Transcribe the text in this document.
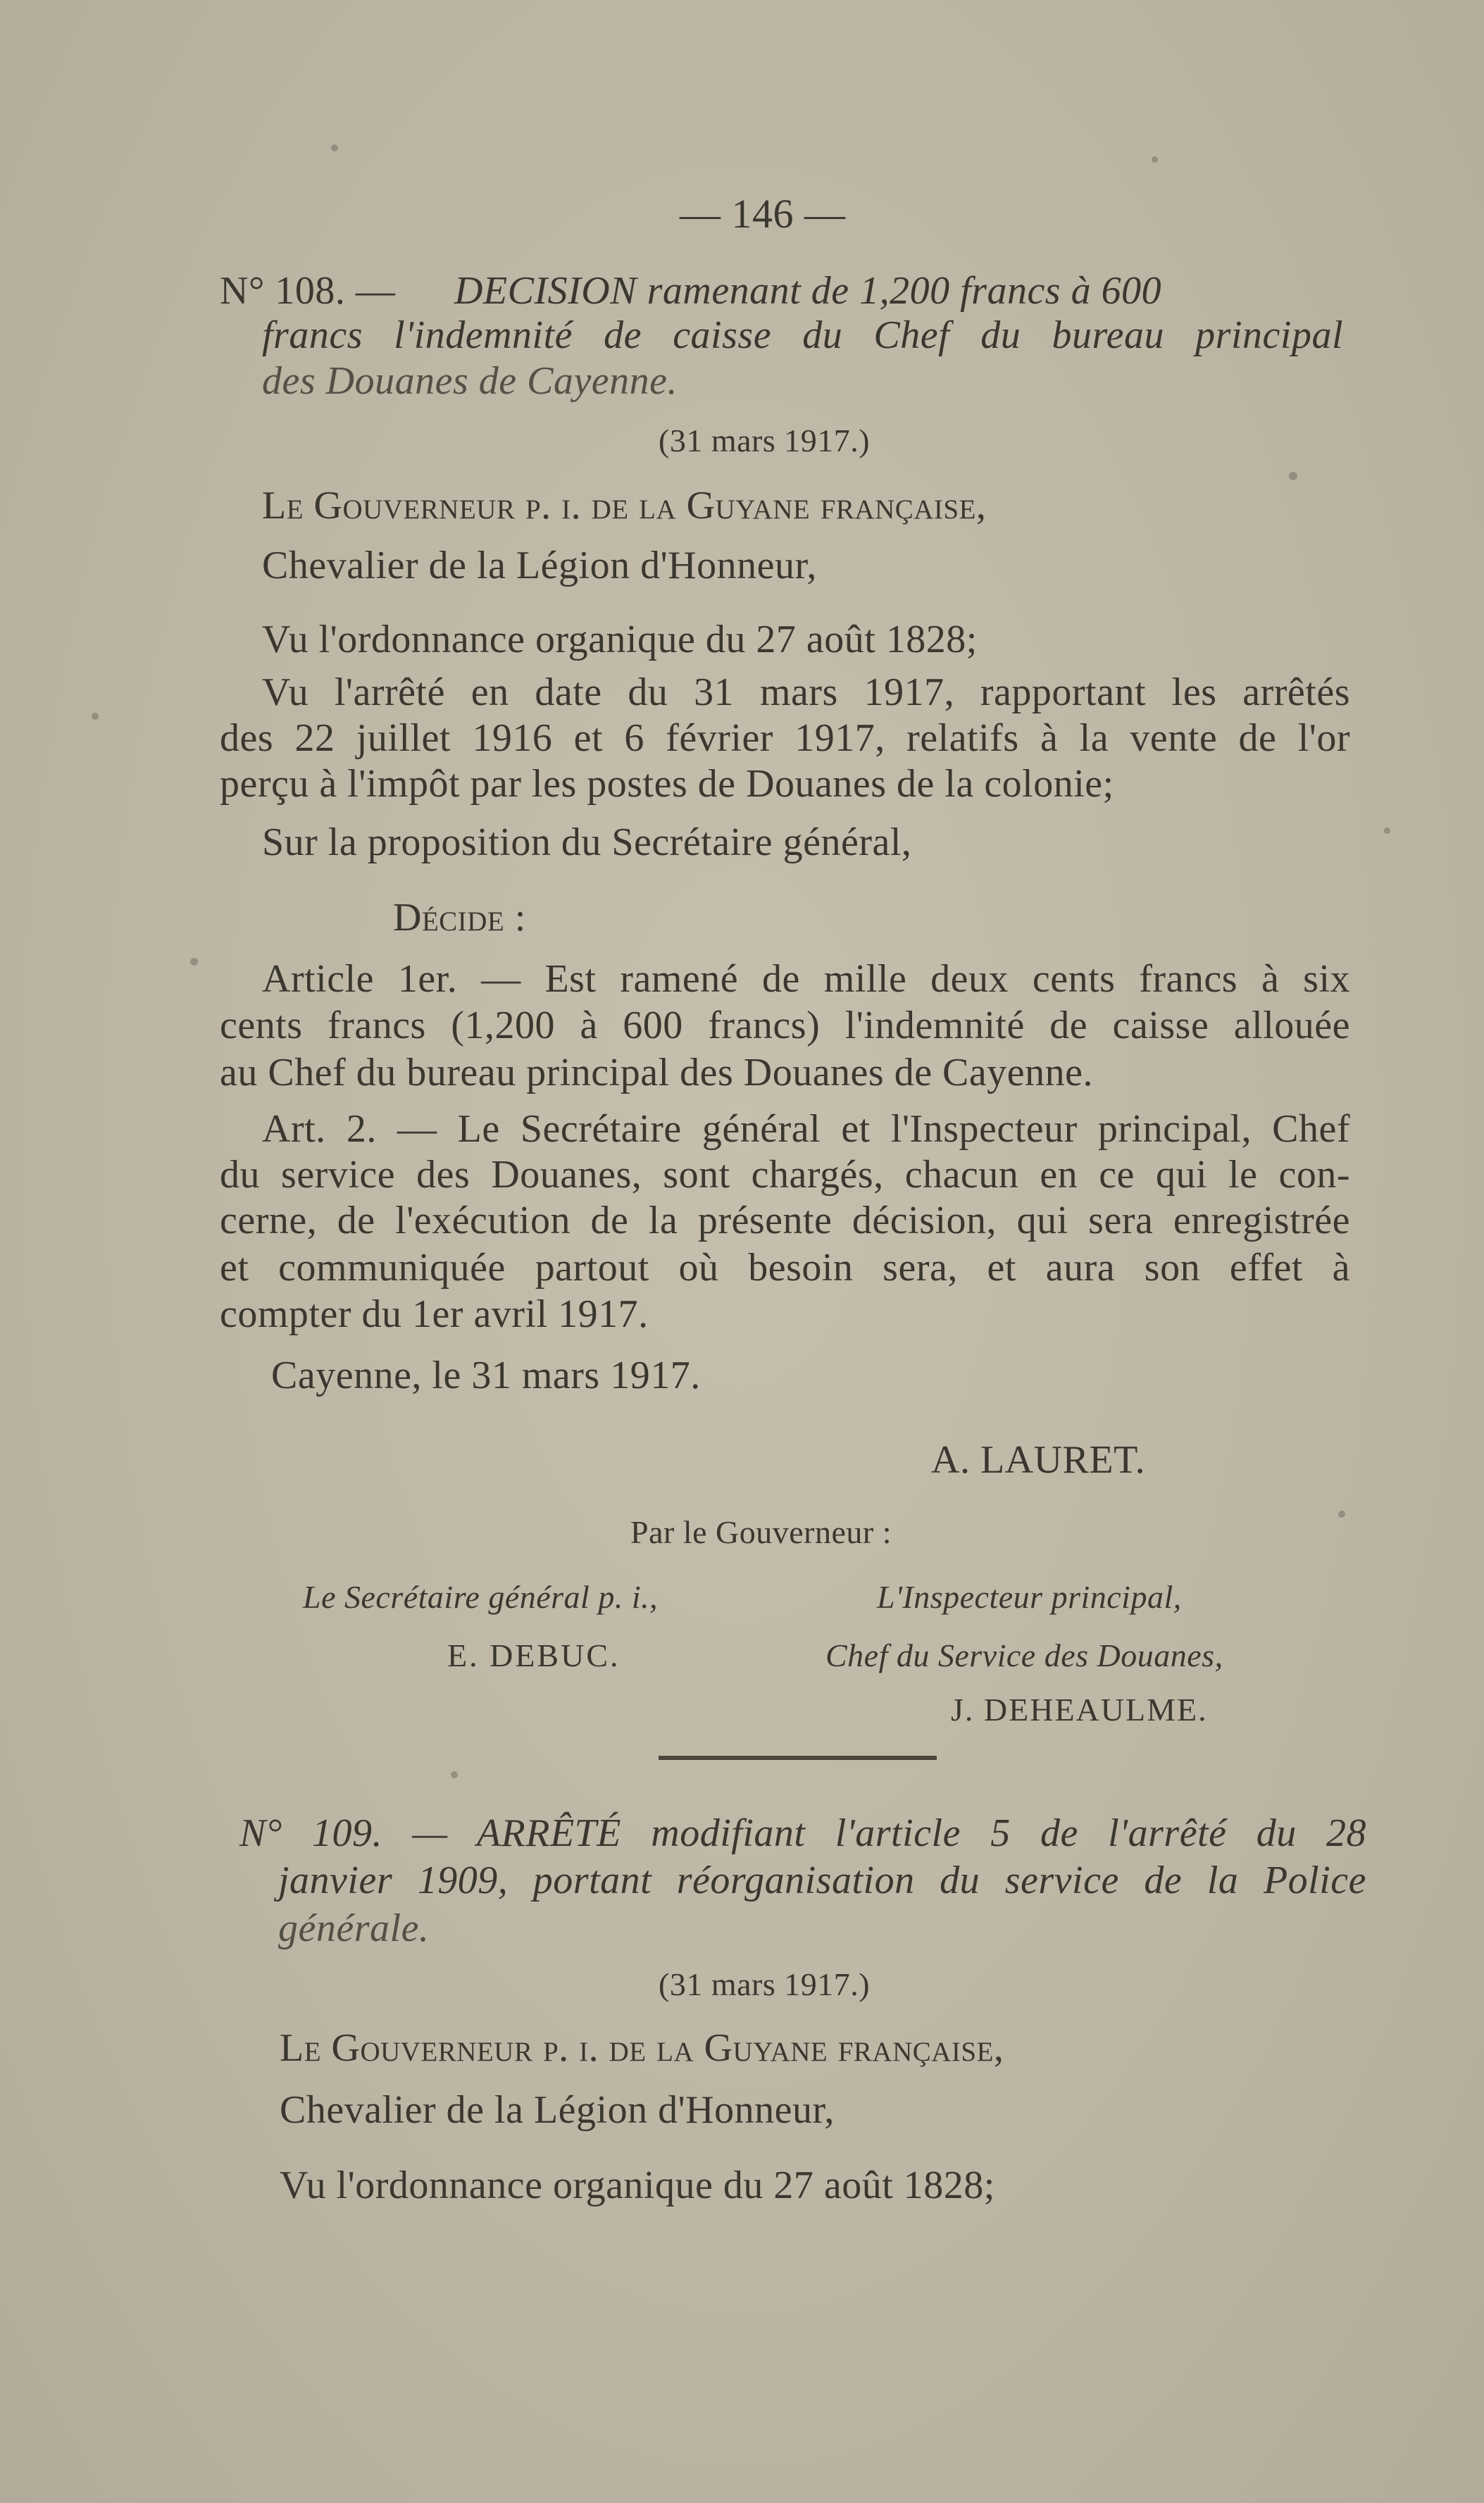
— 146 —
N° 108. — DECISION ramenant de 1,200 francs à 600
francs l'indemnité de caisse du Chef du bureau principal
des Douanes de Cayenne.
(31 mars 1917.)
Le Gouverneur p. i. de la Guyane française,
Chevalier de la Légion d'Honneur,
Vu l'ordonnance organique du 27 août 1828;
Vu l'arrêté en date du 31 mars 1917, rapportant les arrêtés
des 22 juillet 1916 et 6 février 1917, relatifs à la vente de l'or
perçu à l'impôt par les postes de Douanes de la colonie;
Sur la proposition du Secrétaire général,
Décide :
Article 1er. — Est ramené de mille deux cents francs à six
cents francs (1,200 à 600 francs) l'indemnité de caisse allouée
au Chef du bureau principal des Douanes de Cayenne.
Art. 2. — Le Secrétaire général et l'Inspecteur principal, Chef
du service des Douanes, sont chargés, chacun en ce qui le con-
cerne, de l'exécution de la présente décision, qui sera enregistrée
et communiquée partout où besoin sera, et aura son effet à
compter du 1er avril 1917.
Cayenne, le 31 mars 1917.
A. LAURET.
Par le Gouverneur :
Le Secrétaire général p. i.,
E. DEBUC.
L'Inspecteur principal,
Chef du Service des Douanes,
J. DEHEAULME.
N° 109. — ARRÊTÉ modifiant l'article 5 de l'arrêté du 28
janvier 1909, portant réorganisation du service de la Police
générale.
(31 mars 1917.)
Le Gouverneur p. i. de la Guyane française,
Chevalier de la Légion d'Honneur,
Vu l'ordonnance organique du 27 août 1828;
